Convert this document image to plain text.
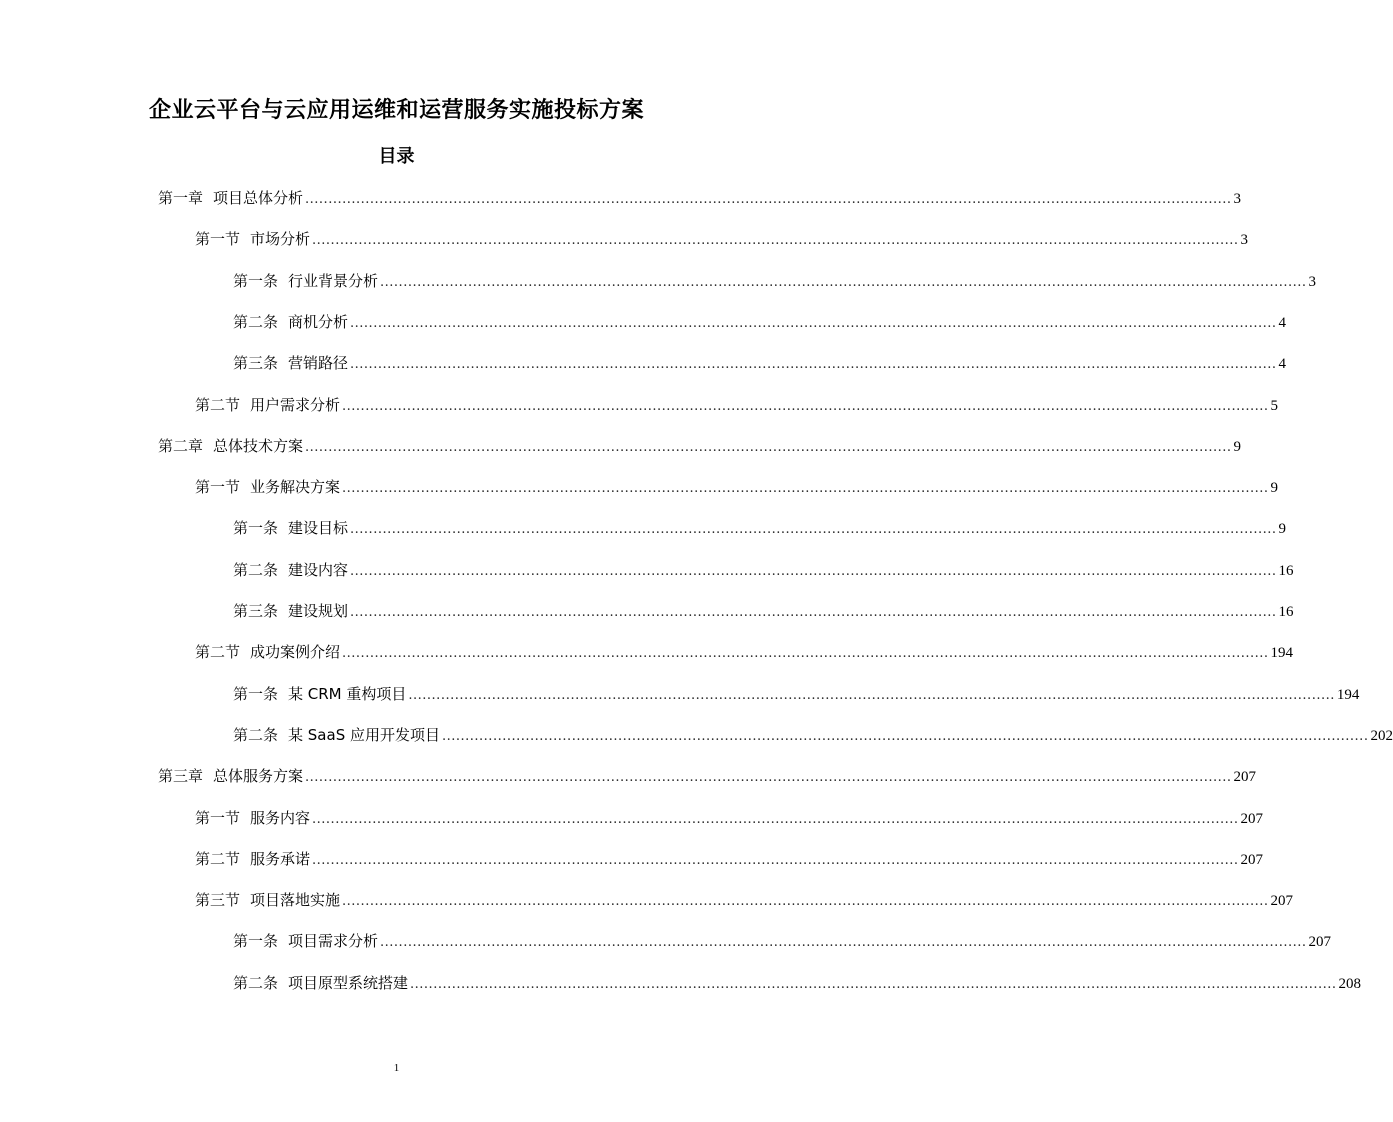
企业云平台与云应用运维和运营服务实施投标方案
目录
第一章 项目总体分析 ........................................................................................................................................................................................................ 3
第一节 市场分析 ........................................................................................................................................................................................................ 3
第一条 行业背景分析 ........................................................................................................................................................................................................ 3
第二条 商机分析 ........................................................................................................................................................................................................ 4
第三条 营销路径 ........................................................................................................................................................................................................ 4
第二节 用户需求分析 ........................................................................................................................................................................................................ 5
第二章 总体技术方案 ........................................................................................................................................................................................................ 9
第一节 业务解决方案 ........................................................................................................................................................................................................ 9
第一条 建设目标 ........................................................................................................................................................................................................ 9
第二条 建设内容 ........................................................................................................................................................................................................ 16
第三条 建设规划 ........................................................................................................................................................................................................ 16
第二节 成功案例介绍 ........................................................................................................................................................................................................ 194
第一条 某 CRM 重构项目 ........................................................................................................................................................................................................ 194
第二条 某 SaaS 应用开发项目 ........................................................................................................................................................................................................ 202
第三章 总体服务方案 ........................................................................................................................................................................................................ 207
第一节 服务内容 ........................................................................................................................................................................................................ 207
第二节 服务承诺 ........................................................................................................................................................................................................ 207
第三节 项目落地实施 ........................................................................................................................................................................................................ 207
第一条 项目需求分析 ........................................................................................................................................................................................................ 207
第二条 项目原型系统搭建 ........................................................................................................................................................................................................ 208
1
